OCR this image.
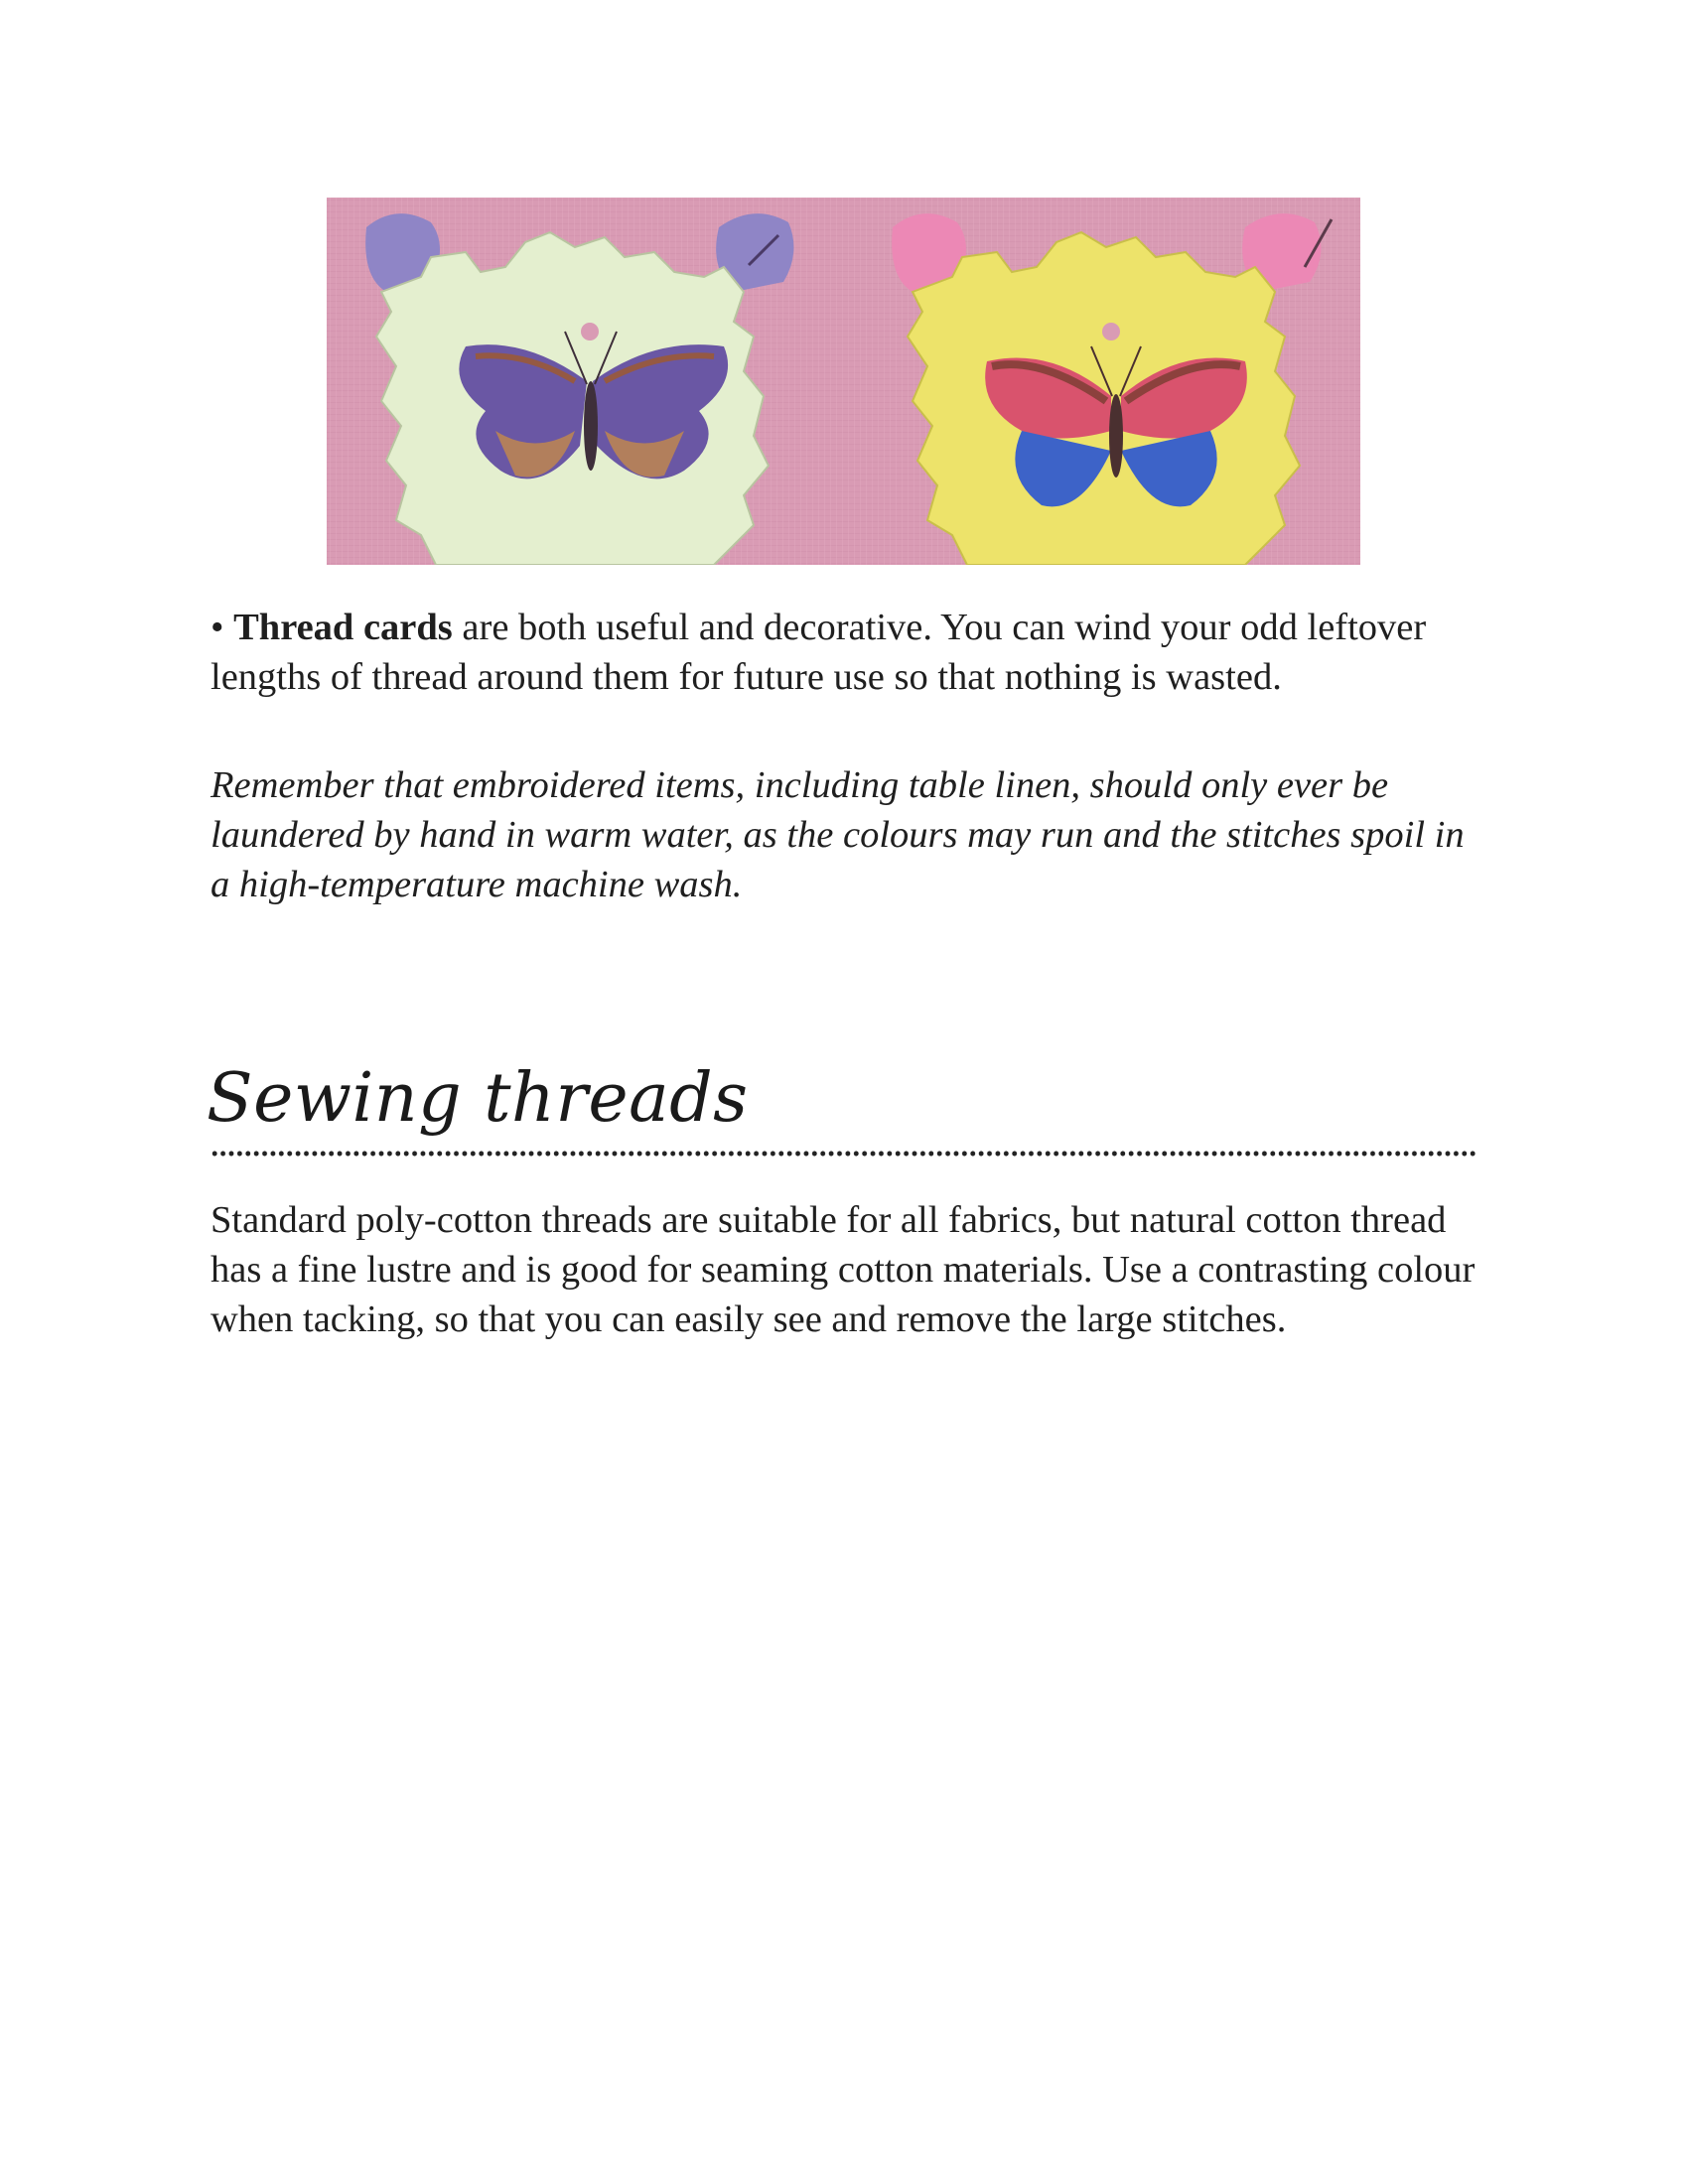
• Thread cards are both useful and decorative. You can wind your odd leftover lengths of thread around them for future use so that nothing is wasted.

Remember that embroidered items, including table linen, should only ever be laundered by hand in warm water, as the colours may run and the stitches spoil in a high-temperature machine wash.

Sewing threads

Standard poly-cotton threads are suitable for all fabrics, but natural cotton thread has a fine lustre and is good for seaming cotton materials. Use a contrasting colour when tacking, so that you can easily see and remove the large stitches.
